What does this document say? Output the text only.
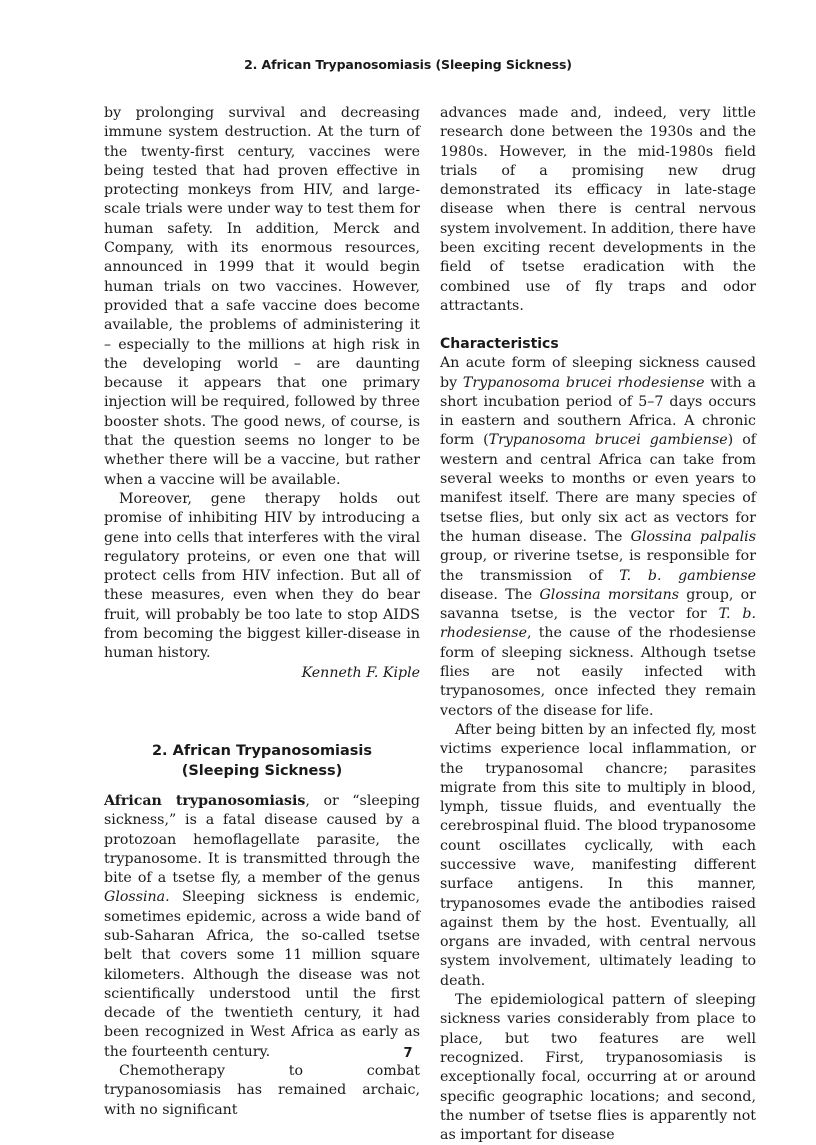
2. African Trypanosomiasis (Sleeping Sickness)

by prolonging survival and decreasing immune system destruction. At the turn of the twenty-first century, vaccines were being tested that had proven effective in protecting monkeys from HIV, and large-scale trials were under way to test them for human safety. In addition, Merck and Company, with its enormous resources, announced in 1999 that it would begin human trials on two vaccines. However, provided that a safe vaccine does become available, the problems of administering it – especially to the millions at high risk in the developing world – are daunting because it appears that one primary injection will be required, followed by three booster shots. The good news, of course, is that the question seems no longer to be whether there will be a vaccine, but rather when a vaccine will be available.

Moreover, gene therapy holds out promise of inhibiting HIV by introducing a gene into cells that interferes with the viral regulatory proteins, or even one that will protect cells from HIV infection. But all of these measures, even when they do bear fruit, will probably be too late to stop AIDS from becoming the biggest killer-disease in human history.

Kenneth F. Kiple

2. African Trypanosomiasis

(Sleeping Sickness)

African trypanosomiasis, or “sleeping sickness,” is a fatal disease caused by a protozoan hemoflagellate parasite, the trypanosome. It is transmitted through the bite of a tsetse fly, a member of the genus Glossina. Sleeping sickness is endemic, sometimes epidemic, across a wide band of sub-Saharan Africa, the so-called tsetse belt that covers some 11 million square kilometers. Although the disease was not scientifically understood until the first decade of the twentieth century, it had been recognized in West Africa as early as the fourteenth century.

Chemotherapy to combat trypanosomiasis has remained archaic, with no significant

advances made and, indeed, very little research done between the 1930s and the 1980s. However, in the mid-1980s field trials of a promising new drug demonstrated its efficacy in late-stage disease when there is central nervous system involvement. In addition, there have been exciting recent developments in the field of tsetse eradication with the combined use of fly traps and odor attractants.

Characteristics

An acute form of sleeping sickness caused by Trypanosoma brucei rhodesiense with a short incubation period of 5–7 days occurs in eastern and southern Africa. A chronic form (Trypanosoma brucei gambiense) of western and central Africa can take from several weeks to months or even years to manifest itself. There are many species of tsetse flies, but only six act as vectors for the human disease. The Glossina palpalis group, or riverine tsetse, is responsible for the transmission of T. b. gambiense disease. The Glossina morsitans group, or savanna tsetse, is the vector for T. b. rhodesiense, the cause of the rhodesiense form of sleeping sickness. Although tsetse flies are not easily infected with trypanosomes, once infected they remain vectors of the disease for life.

After being bitten by an infected fly, most victims experience local inflammation, or the trypanosomal chancre; parasites migrate from this site to multiply in blood, lymph, tissue fluids, and eventually the cerebrospinal fluid. The blood trypanosome count oscillates cyclically, with each successive wave, manifesting different surface antigens. In this manner, trypanosomes evade the antibodies raised against them by the host. Eventually, all organs are invaded, with central nervous system involvement, ultimately leading to death.

The epidemiological pattern of sleeping sickness varies considerably from place to place, but two features are well recognized. First, trypanosomiasis is exceptionally focal, occurring at or around specific geographic locations; and second, the number of tsetse flies is apparently not as important for disease

7
